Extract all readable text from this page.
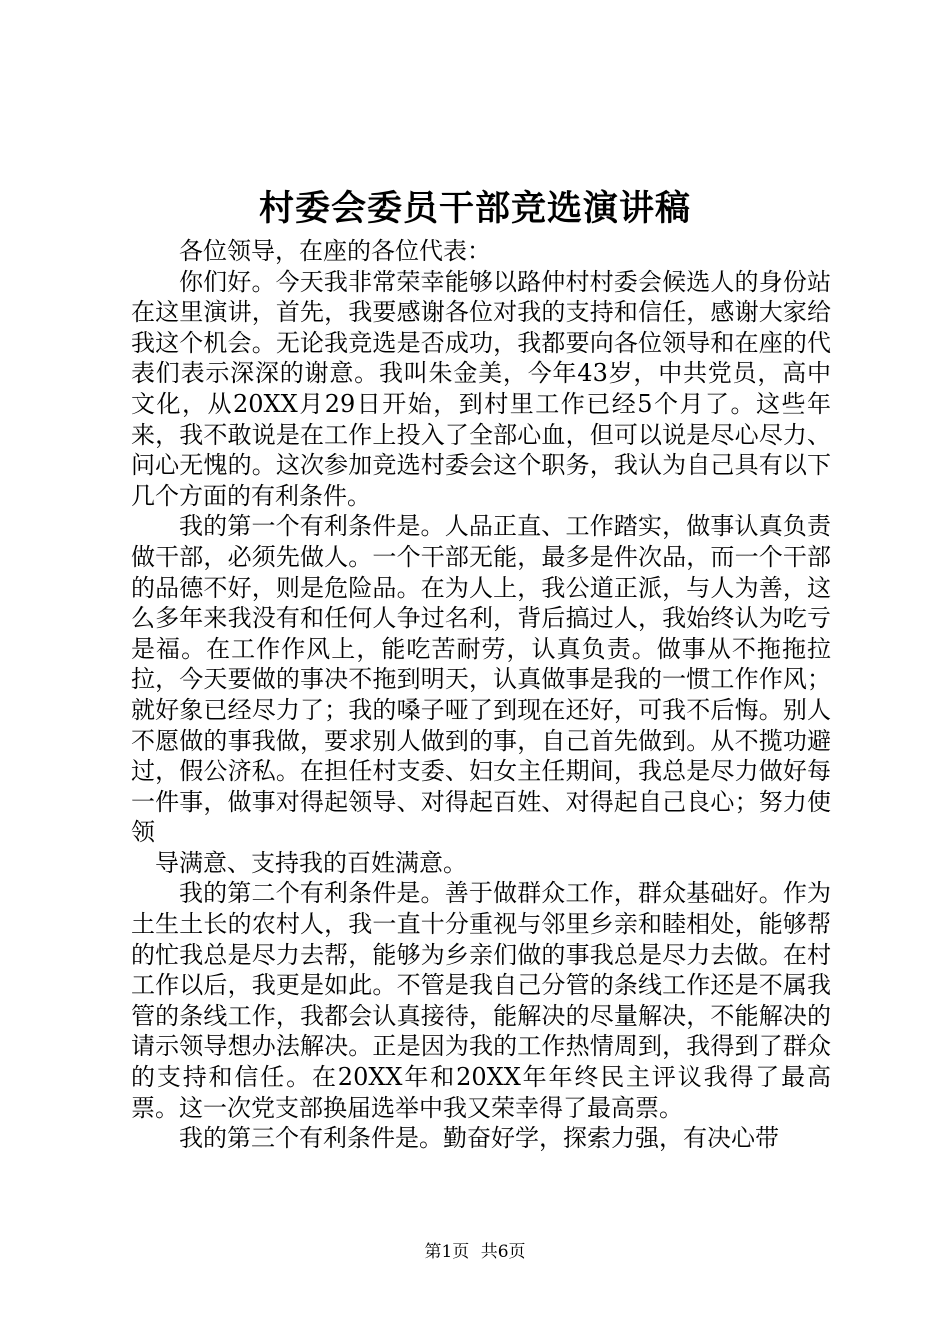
村委会委员干部竞选演讲稿

各位领导，在座的各位代表：

你们好。今天我非常荣幸能够以路仲村村委会候选人的身份站在这里演讲，首先，我要感谢各位对我的支持和信任，感谢大家给我这个机会。无论我竞选是否成功，我都要向各位领导和在座的代表们表示深深的谢意。我叫朱金美，今年43岁，中共党员，高中文化，从20XX月29日开始，到村里工作已经5个月了。这些年来，我不敢说是在工作上投入了全部心血，但可以说是尽心尽力、问心无愧的。这次参加竞选村委会这个职务，我认为自己具有以下几个方面的有利条件。

我的第一个有利条件是。人品正直、工作踏实，做事认真负责做干部，必须先做人。一个干部无能，最多是件次品，而一个干部的品德不好，则是危险品。在为人上，我公道正派，与人为善，这么多年来我没有和任何人争过名利，背后搞过人，我始终认为吃亏是福。在工作作风上，能吃苦耐劳，认真负责。做事从不拖拖拉拉，今天要做的事决不拖到明天，认真做事是我的一惯工作作风；就好象已经尽力了；我的嗓子哑了到现在还好，可我不后悔。别人不愿做的事我做，要求别人做到的事，自己首先做到。从不揽功避过，假公济私。在担任村支委、妇女主任期间，我总是尽力做好每一件事，做事对得起领导、对得起百姓、对得起自己良心；努力使领

导满意、支持我的百姓满意。

我的第二个有利条件是。善于做群众工作，群众基础好。作为土生土长的农村人，我一直十分重视与邻里乡亲和睦相处，能够帮的忙我总是尽力去帮，能够为乡亲们做的事我总是尽力去做。在村工作以后，我更是如此。不管是我自己分管的条线工作还是不属我管的条线工作，我都会认真接待，能解决的尽量解决，不能解决的请示领导想办法解决。正是因为我的工作热情周到，我得到了群众的支持和信任。在20XX年和20XX年年终民主评议我得了最高票。这一次党支部换届选举中我又荣幸得了最高票。

我的第三个有利条件是。勤奋好学，探索力强，有决心带

第1页 共6页
